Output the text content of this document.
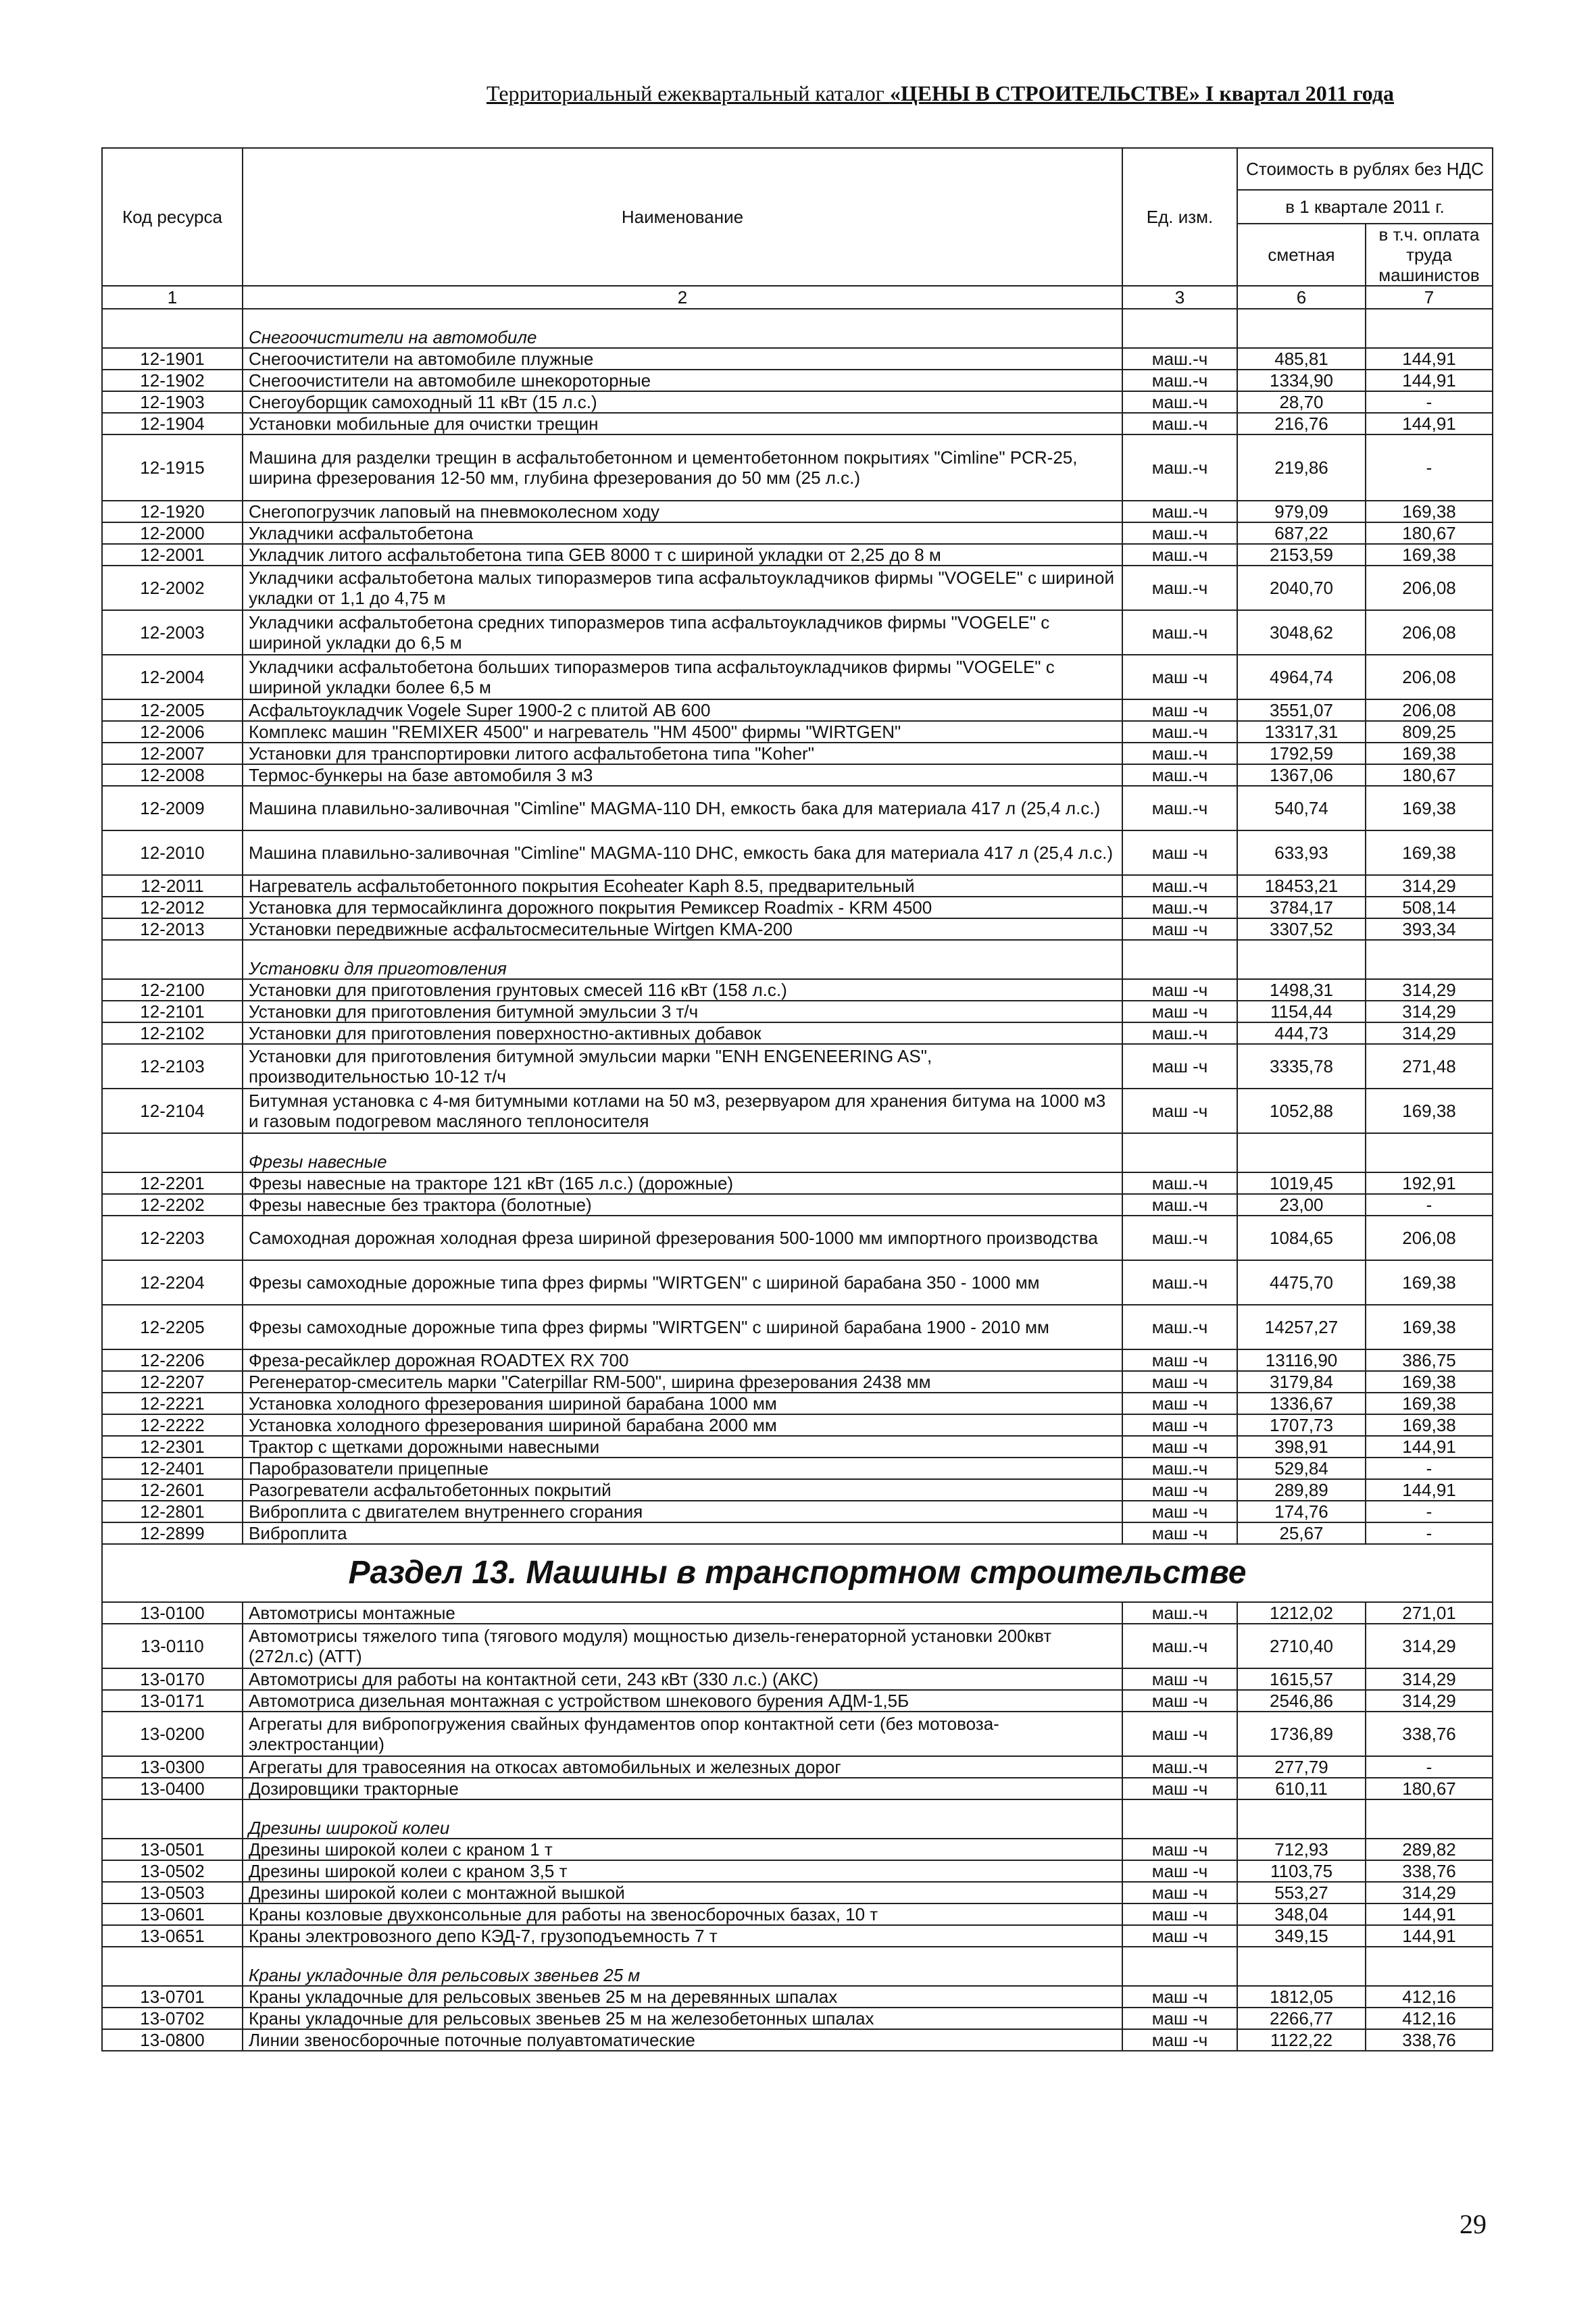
Территориальный ежеквартальный каталог «ЦЕНЫ В СТРОИТЕЛЬСТВЕ» I квартал 2011 года
Код ресурса	Наименование	Ед. изм.	Стоимость в рублях без НДС	
			в 1 квартале 2011 г.	
			сметная	в т.ч. оплата труда машинистов
1	2	3	6	7
	Снегоочистители на автомобиле			
12-1901	Снегоочистители на автомобиле плужные	маш.-ч	485,81	144,91
12-1902	Снегоочистители на автомобиле шнекороторные	маш.-ч	1334,90	144,91
12-1903	Снегоуборщик самоходный 11 кВт (15 л.с.)	маш.-ч	28,70	-
12-1904	Установки мобильные для очистки трещин	маш.-ч	216,76	144,91
12-1915	Машина для разделки трещин в асфальтобетонном и цементобетонном покрытиях "Cimline" PCR-25, ширина фрезерования 12-50 мм, глубина фрезерования до 50 мм (25 л.с.)	маш.-ч	219,86	-
12-1920	Снегопогрузчик лаповый на пневмоколесном ходу	маш.-ч	979,09	169,38
12-2000	Укладчики асфальтобетона	маш.-ч	687,22	180,67
12-2001	Укладчик литого асфальтобетона типа GEB 8000 т с шириной укладки от 2,25 до 8 м	маш.-ч	2153,59	169,38
12-2002	Укладчики асфальтобетона малых типоразмеров типа асфальтоукладчиков фирмы "VOGELE" с шириной укладки от 1,1 до 4,75 м	маш.-ч	2040,70	206,08
12-2003	Укладчики асфальтобетона средних типоразмеров типа асфальтоукладчиков фирмы "VOGELE" с шириной укладки до 6,5 м	маш.-ч	3048,62	206,08
12-2004	Укладчики асфальтобетона больших типоразмеров типа асфальтоукладчиков фирмы "VOGELE" с шириной укладки более 6,5 м	маш -ч	4964,74	206,08
12-2005	Асфальтоукладчик Vogele Super 1900-2 с плитой АВ 600	маш -ч	3551,07	206,08
12-2006	Комплекс машин "REMIXER 4500" и нагреватель "HM 4500" фирмы "WIRTGEN"	маш.-ч	13317,31	809,25
12-2007	Установки для транспортировки литого асфальтобетона типа "Koher"	маш.-ч	1792,59	169,38
12-2008	Термос-бункеры на базе автомобиля 3 м3	маш.-ч	1367,06	180,67
12-2009	Машина плавильно-заливочная "Cimline" MAGMA-110 DH, емкость бака для материала 417 л (25,4 л.с.)	маш.-ч	540,74	169,38
12-2010	Машина плавильно-заливочная "Cimline" MAGMA-110 DHC, емкость бака для материала 417 л (25,4 л.с.)	маш -ч	633,93	169,38
12-2011	Нагреватель асфальтобетонного покрытия Ecoheater Kaph 8.5, предварительный	маш.-ч	18453,21	314,29
12-2012	Установка для термосайклинга дорожного покрытия Ремиксер Roadmix - KRM 4500	маш.-ч	3784,17	508,14
12-2013	Установки передвижные асфальтосмесительные Wirtgen KMA-200	маш -ч	3307,52	393,34
	Установки для приготовления			
12-2100	Установки для приготовления грунтовых смесей 116 кВт (158 л.с.)	маш -ч	1498,31	314,29
12-2101	Установки для приготовления битумной эмульсии 3 т/ч	маш -ч	1154,44	314,29
12-2102	Установки для приготовления поверхностно-активных добавок	маш.-ч	444,73	314,29
12-2103	Установки для приготовления битумной эмульсии марки "ENH ENGENEERING AS", производительностью 10-12 т/ч	маш -ч	3335,78	271,48
12-2104	Битумная установка с 4-мя битумными котлами на 50 м3, резервуаром для хранения битума на 1000 м3 и газовым подогревом масляного теплоносителя	маш -ч	1052,88	169,38
	Фрезы навесные			
12-2201	Фрезы навесные на тракторе 121 кВт (165 л.с.) (дорожные)	маш.-ч	1019,45	192,91
12-2202	Фрезы навесные без трактора (болотные)	маш.-ч	23,00	-
12-2203	Самоходная дорожная холодная фреза шириной фрезерования 500-1000 мм импортного производства	маш.-ч	1084,65	206,08
12-2204	Фрезы самоходные дорожные типа фрез фирмы "WIRTGEN" с шириной барабана 350 - 1000 мм	маш.-ч	4475,70	169,38
12-2205	Фрезы самоходные дорожные типа фрез фирмы "WIRTGEN" с шириной барабана 1900 - 2010 мм	маш.-ч	14257,27	169,38
12-2206	Фреза-ресайклер дорожная ROADTEX RX 700	маш -ч	13116,90	386,75
12-2207	Регенератор-смеситель марки "Caterpillar RM-500", ширина фрезерования 2438 мм	маш -ч	3179,84	169,38
12-2221	Установка холодного фрезерования шириной барабана 1000 мм	маш -ч	1336,67	169,38
12-2222	Установка холодного фрезерования шириной барабана 2000 мм	маш -ч	1707,73	169,38
12-2301	Трактор с щетками дорожными навесными	маш -ч	398,91	144,91
12-2401	Паробразователи прицепные	маш.-ч	529,84	-
12-2601	Разогреватели асфальтобетонных покрытий	маш -ч	289,89	144,91
12-2801	Виброплита с двигателем внутреннего сгорания	маш -ч	174,76	-
12-2899	Виброплита	маш -ч	25,67	-
Раздел 13. Машины в транспортном строительстве				
13-0100	Автомотрисы монтажные	маш.-ч	1212,02	271,01
13-0110	Автомотрисы тяжелого типа (тягового модуля) мощностью дизель-генераторной установки 200квт (272л.с) (АТТ)	маш.-ч	2710,40	314,29
13-0170	Автомотрисы для работы на контактной сети, 243 кВт (330 л.с.) (АКС)	маш -ч	1615,57	314,29
13-0171	Автомотриса дизельная монтажная с устройством шнекового бурения АДМ-1,5Б	маш -ч	2546,86	314,29
13-0200	Агрегаты для вибропогружения свайных фундаментов опор контактной сети (без мотовоза-электростанции)	маш -ч	1736,89	338,76
13-0300	Агрегаты для травосеяния на откосах автомобильных и железных дорог	маш.-ч	277,79	-
13-0400	Дозировщики тракторные	маш -ч	610,11	180,67
	Дрезины широкой колеи			
13-0501	Дрезины широкой колеи с краном 1 т	маш -ч	712,93	289,82
13-0502	Дрезины широкой колеи с краном 3,5 т	маш -ч	1103,75	338,76
13-0503	Дрезины широкой колеи с монтажной вышкой	маш -ч	553,27	314,29
13-0601	Краны козловые двухконсольные для работы на звеносборочных базах, 10 т	маш -ч	348,04	144,91
13-0651	Краны электровозного депо КЭД-7, грузоподъемность 7 т	маш -ч	349,15	144,91
	Краны укладочные для рельсовых звеньев 25 м			
13-0701	Краны укладочные для рельсовых звеньев 25 м на деревянных шпалах	маш -ч	1812,05	412,16
13-0702	Краны укладочные для рельсовых звеньев 25 м на железобетонных шпалах	маш -ч	2266,77	412,16
13-0800	Линии звеносборочные поточные полуавтоматические	маш -ч	1122,22	338,76
29
